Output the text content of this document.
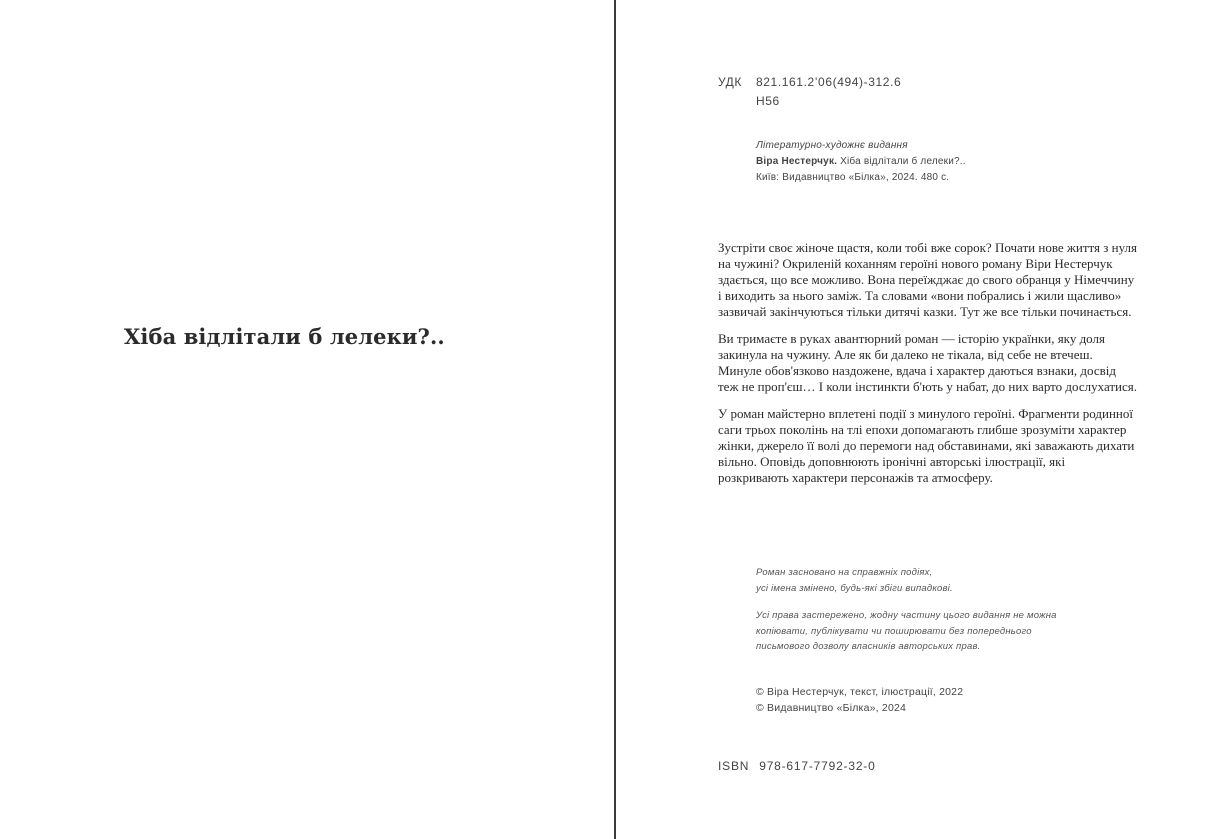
Хіба відлітали б лелеки?..
УДК	821.161.2’06(494)-312.6
Н56
Літературно-художнє видання
Віра Нестерчук. Хіба відлітали б лелеки?..
Київ: Видавництво «Білка», 2024. 480 с.

Зустріти своє жіноче щастя, коли тобі вже сорок? Почати нове життя з нуля на чужині? Окриленій коханням героїні нового роману Віри Нестерчук здається, що все можливо. Вона переїжджає до свого обранця у Німеччину і виходить за нього заміж. Та словами «вони побрались і жили щасливо» зазвичай закінчуються тільки дитячі казки. Тут же все тільки починається.

Ви тримаєте в руках авантюрний роман — історію українки, яку доля закинула на чужину. Але як би далеко не тікала, від себе не втечеш. Минуле обов'язково наздожене, вдача і характер даються взнаки, досвід теж не проп'єш… І коли інстинкти б'ють у набат, до них варто дослухатися.

У роман майстерно вплетені події з минулого героїні. Фрагменти родинної саги трьох поколінь на тлі епохи допомагають глибше зрозуміти характер жінки, джерело її волі до перемоги над обставинами, які заважають дихати вільно. Оповідь доповнюють іронічні авторські ілюстрації, які розкривають характери персонажів та атмосферу.

Роман засновано на справжніх подіях,
усі імена змінено, будь-які збіги випадкові.

Усі права застережено, жодну частину цього видання не можна
копіювати, публікувати чи поширювати без попереднього
письмового дозволу власників авторських прав.

© Віра Нестерчук, текст, ілюстрації, 2022
© Видавництво «Білка», 2024
ISBN 978-617-7792-32-0
